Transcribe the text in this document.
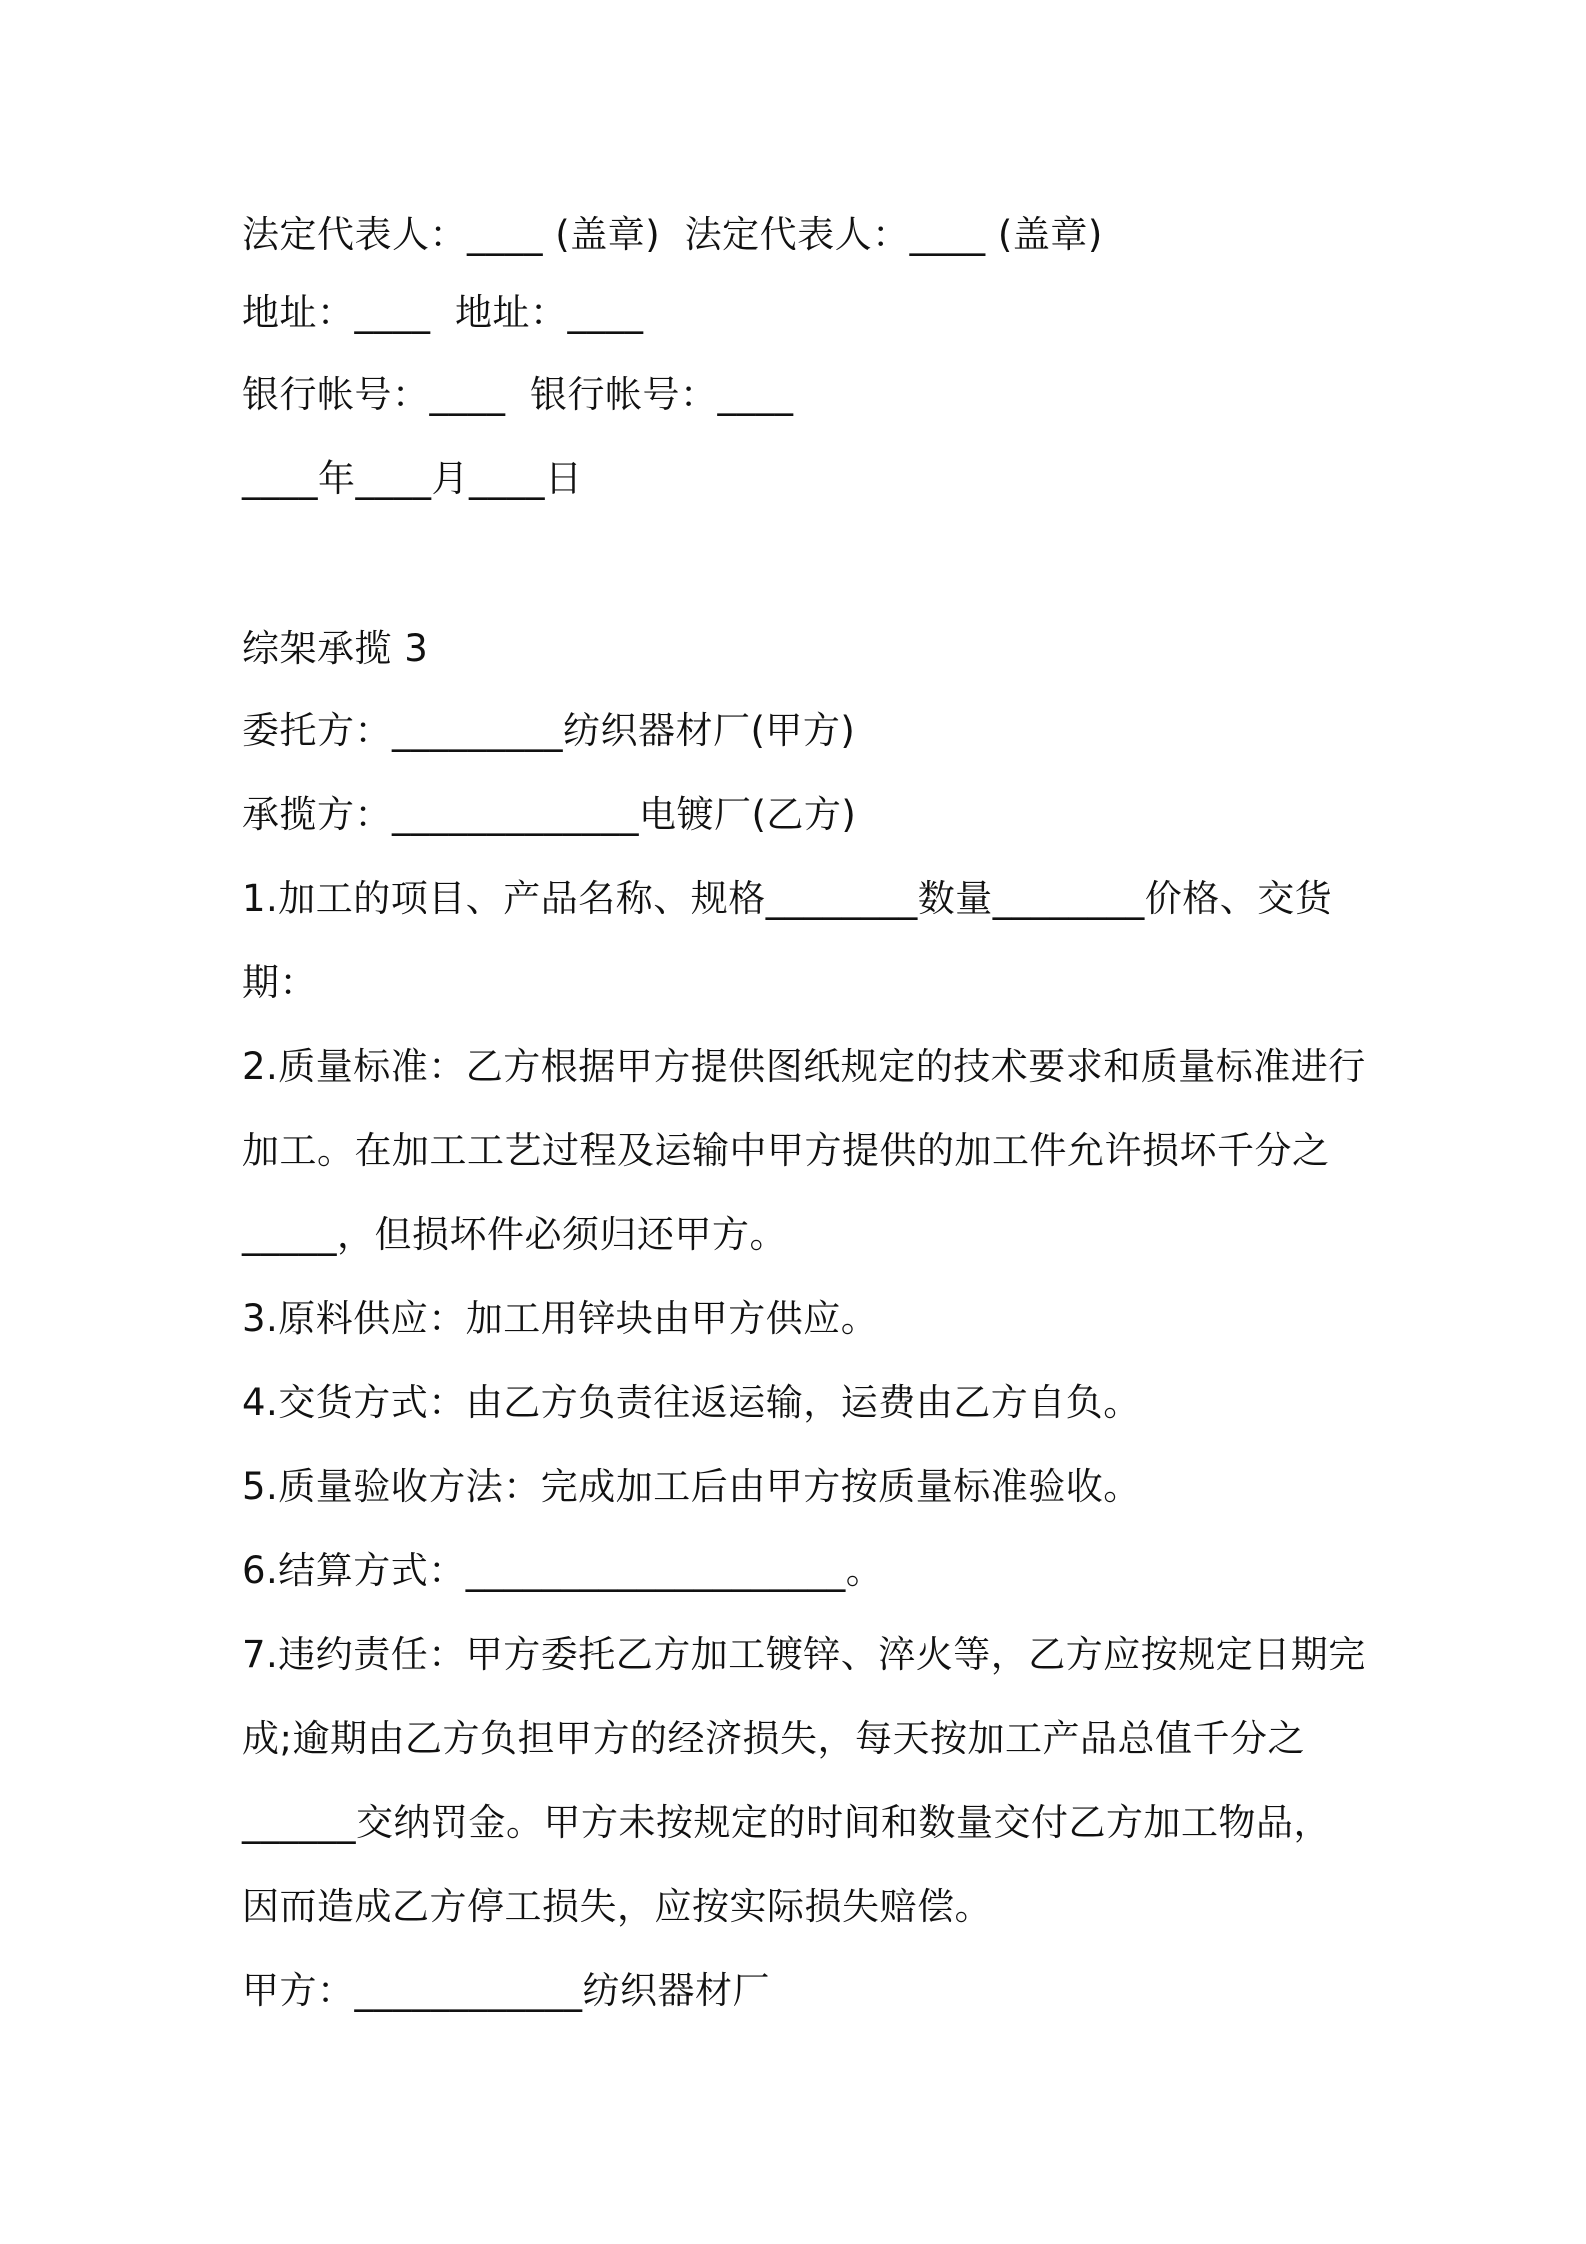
法定代表人：____ (盖章)  法定代表人：____ (盖章)
地址：____  地址：____
银行帐号：____  银行帐号：____
____年____月____日
综架承揽 3
委托方：_________纺织器材厂(甲方)
承揽方：_____________电镀厂(乙方)
1.加工的项目、产品名称、规格________数量________价格、交货
期：
2.质量标准：乙方根据甲方提供图纸规定的技术要求和质量标准进行
加工。在加工工艺过程及运输中甲方提供的加工件允许损坏千分之
_____，但损坏件必须归还甲方。
3.原料供应：加工用锌块由甲方供应。
4.交货方式：由乙方负责往返运输，运费由乙方自负。
5.质量验收方法：完成加工后由甲方按质量标准验收。
6.结算方式：____________________。
7.违约责任：甲方委托乙方加工镀锌、淬火等，乙方应按规定日期完
成;逾期由乙方负担甲方的经济损失，每天按加工产品总值千分之
______交纳罚金。甲方未按规定的时间和数量交付乙方加工物品，
因而造成乙方停工损失，应按实际损失赔偿。
甲方：____________纺织器材厂
